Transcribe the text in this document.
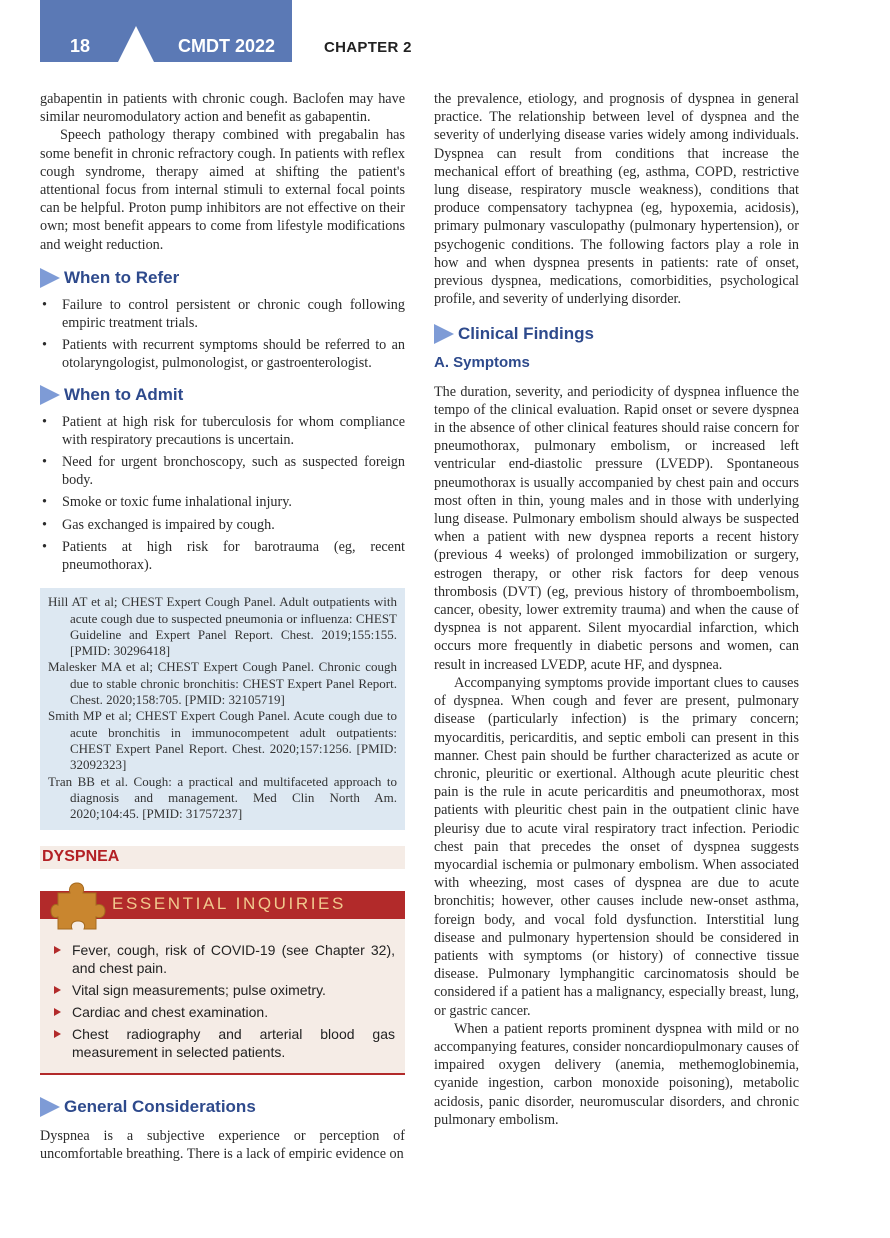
18	CMDT 2022	CHAPTER 2

gabapentin in patients with chronic cough. Baclofen may have similar neuromodulatory action and benefit as gabapentin.

Speech pathology therapy combined with pregabalin has some benefit in chronic refractory cough. In patients with reflex cough syndrome, therapy aimed at shifting the patient's attentional focus from internal stimuli to external focal points can be helpful. Proton pump inhibitors are not effective on their own; most benefit appears to come from lifestyle modifications and weight reduction.

When to Refer
• Failure to control persistent or chronic cough following empiric treatment trials.
• Patients with recurrent symptoms should be referred to an otolaryngologist, pulmonologist, or gastroenterologist.
When to Admit
• Patient at high risk for tuberculosis for whom compliance with respiratory precautions is uncertain.
• Need for urgent bronchoscopy, such as suspected foreign body.
• Smoke or toxic fume inhalational injury.
• Gas exchanged is impaired by cough.
• Patients at high risk for barotrauma (eg, recent pneumothorax).

Hill AT et al; CHEST Expert Cough Panel. Adult outpatients with acute cough due to suspected pneumonia or influenza: CHEST Guideline and Expert Panel Report. Chest. 2019;155:155. [PMID: 30296418]

Malesker MA et al; CHEST Expert Cough Panel. Chronic cough due to stable chronic bronchitis: CHEST Expert Panel Report. Chest. 2020;158:705. [PMID: 32105719]

Smith MP et al; CHEST Expert Cough Panel. Acute cough due to acute bronchitis in immunocompetent adult outpatients: CHEST Expert Panel Report. Chest. 2020;157:1256. [PMID: 32092323]

Tran BB et al. Cough: a practical and multifaceted approach to diagnosis and management. Med Clin North Am. 2020;104:45. [PMID: 31757237]

DYSPNEA
ESSENTIAL INQUIRIES
Fever, cough, risk of COVID-19 (see Chapter 32), and chest pain.
Vital sign measurements; pulse oximetry.
Cardiac and chest examination.
Chest radiography and arterial blood gas measurement in selected patients.
General Considerations

Dyspnea is a subjective experience or perception of uncomfortable breathing. There is a lack of empiric evidence on

the prevalence, etiology, and prognosis of dyspnea in general practice. The relationship between level of dyspnea and the severity of underlying disease varies widely among individuals. Dyspnea can result from conditions that increase the mechanical effort of breathing (eg, asthma, COPD, restrictive lung disease, respiratory muscle weakness), conditions that produce compensatory tachypnea (eg, hypoxemia, acidosis), primary pulmonary vasculopathy (pulmonary hypertension), or psychogenic conditions. The following factors play a role in how and when dyspnea presents in patients: rate of onset, previous dyspnea, medications, comorbidities, psychological profile, and severity of underlying disorder.

Clinical Findings
A. Symptoms

The duration, severity, and periodicity of dyspnea influence the tempo of the clinical evaluation. Rapid onset or severe dyspnea in the absence of other clinical features should raise concern for pneumothorax, pulmonary embolism, or increased left ventricular end-diastolic pressure (LVEDP). Spontaneous pneumothorax is usually accompanied by chest pain and occurs most often in thin, young males and in those with underlying lung disease. Pulmonary embolism should always be suspected when a patient with new dyspnea reports a recent history (previous 4 weeks) of prolonged immobilization or surgery, estrogen therapy, or other risk factors for deep venous thrombosis (DVT) (eg, previous history of thromboembolism, cancer, obesity, lower extremity trauma) and when the cause of dyspnea is not apparent. Silent myocardial infarction, which occurs more frequently in diabetic persons and women, can result in increased LVEDP, acute HF, and dyspnea.

Accompanying symptoms provide important clues to causes of dyspnea. When cough and fever are present, pulmonary disease (particularly infection) is the primary concern; myocarditis, pericarditis, and septic emboli can present in this manner. Chest pain should be further characterized as acute or chronic, pleuritic or exertional. Although acute pleuritic chest pain is the rule in acute pericarditis and pneumothorax, most patients with pleuritic chest pain in the outpatient clinic have pleurisy due to acute viral respiratory tract infection. Periodic chest pain that precedes the onset of dyspnea suggests myocardial ischemia or pulmonary embolism. When associated with wheezing, most cases of dyspnea are due to acute bronchitis; however, other causes include new-onset asthma, foreign body, and vocal fold dysfunction. Interstitial lung disease and pulmonary hypertension should be considered in patients with symptoms (or history) of connective tissue disease. Pulmonary lymphangitic carcinomatosis should be considered if a patient has a malignancy, especially breast, lung, or gastric cancer.

When a patient reports prominent dyspnea with mild or no accompanying features, consider noncardiopulmonary causes of impaired oxygen delivery (anemia, methemoglobinemia, cyanide ingestion, carbon monoxide poisoning), metabolic acidosis, panic disorder, neuromuscular disorders, and chronic pulmonary embolism.
